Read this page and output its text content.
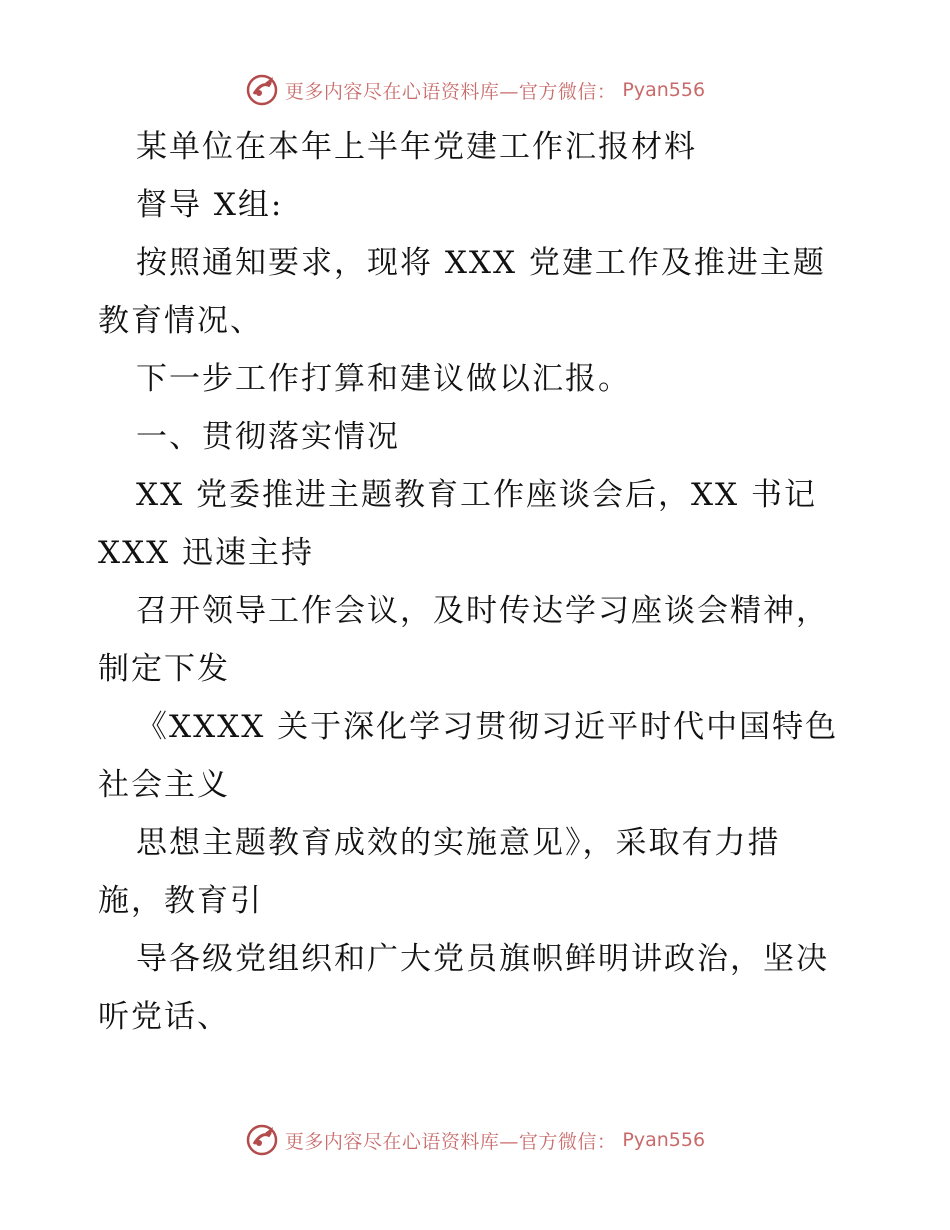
更多内容尽在心语资料库—官方微信： Pyan556
某单位在本年上半年党建工作汇报材料
督导 X组:
按照通知要求，现将 XXX 党建工作及推进主题
教育情况、
下一步工作打算和建议做以汇报。
一、贯彻落实情况
XX 党委推进主题教育工作座谈会后，XX 书记
XXX 迅速主持
召开领导工作会议，及时传达学习座谈会精神，
制定下发
《XXXX 关于深化学习贯彻习近平时代中国特色
社会主义
思想主题教育成效的实施意见》，采取有力措
施，教育引
导各级党组织和广大党员旗帜鲜明讲政治，坚决
听党话、
更多内容尽在心语资料库—官方微信： Pyan556
